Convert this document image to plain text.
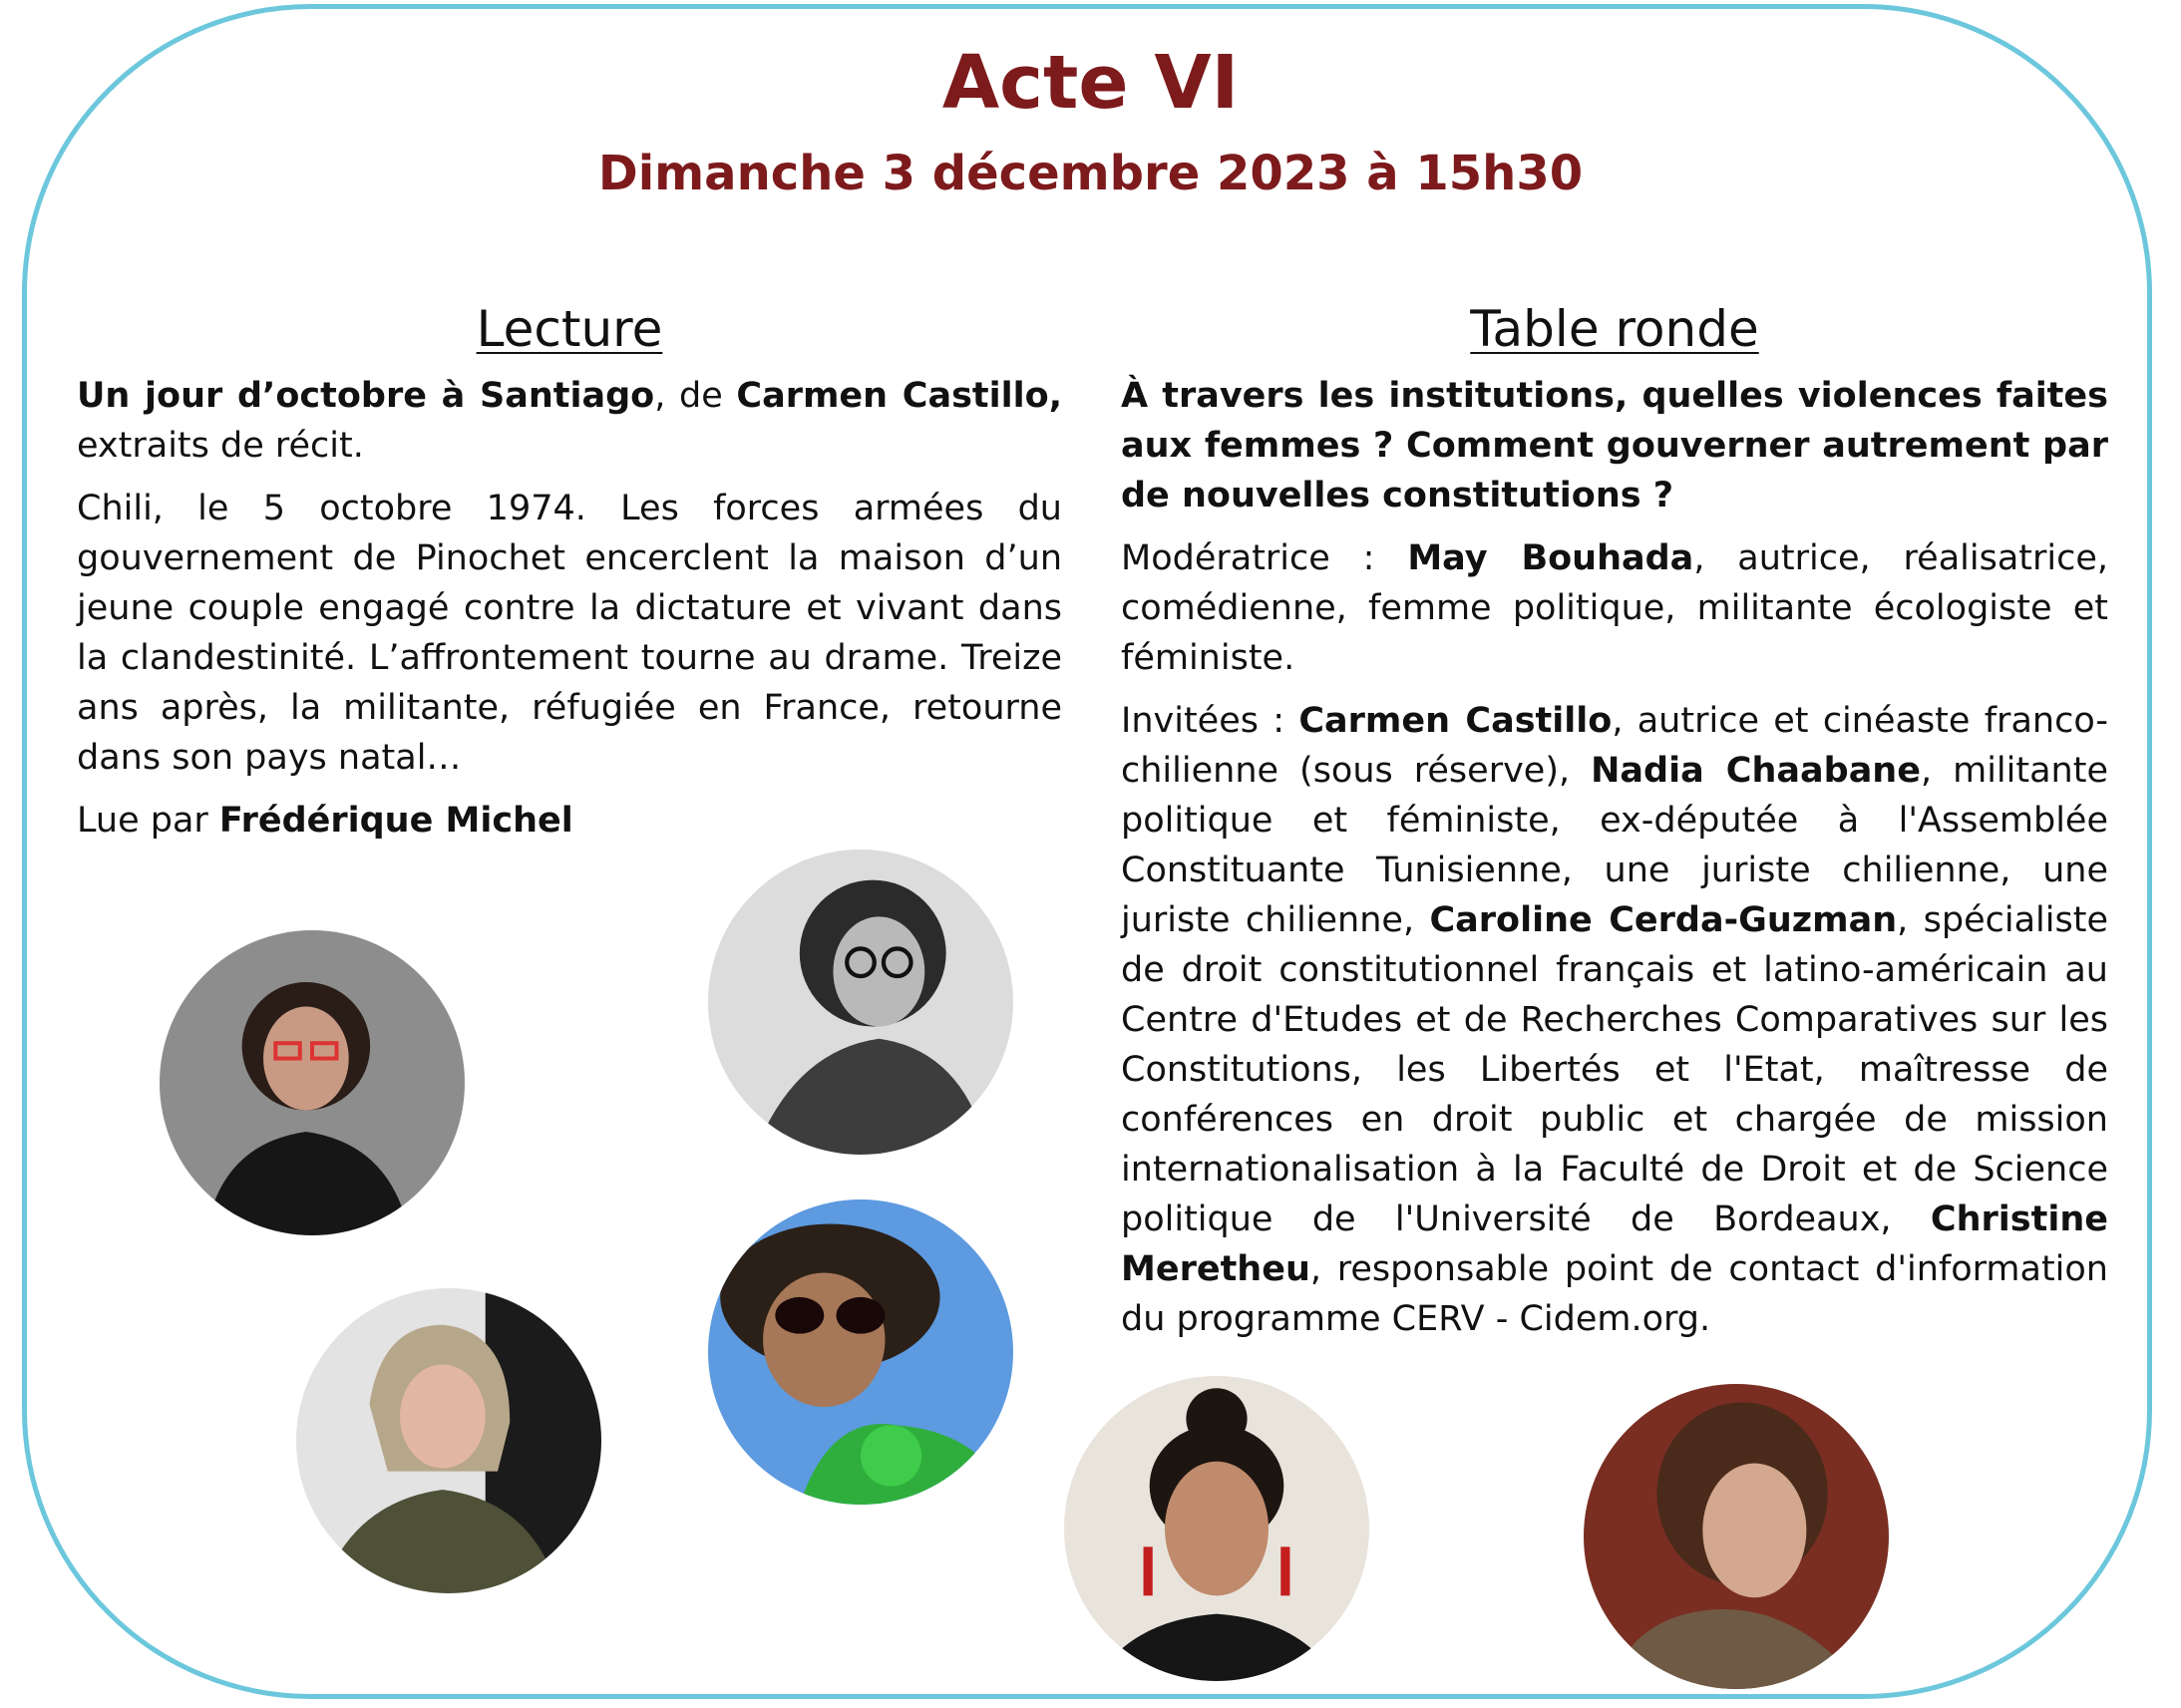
Acte VI
Dimanche 3 décembre 2023 à 15h30
Lecture

Un jour d’octobre à Santiago, de Carmen Castillo, extraits de récit.

Chili, le 5 octobre 1974. Les forces armées du gouvernement de Pinochet encerclent la maison d’un jeune couple engagé contre la dictature et vivant dans la clandestinité. L’affrontement tourne au drame. Treize ans après, la militante, réfugiée en France, retourne dans son pays natal…

Lue par Frédérique Michel

Table ronde

À travers les institutions, quelles violences faites aux femmes ? Comment gouverner autrement par de nouvelles constitutions ?

Modératrice : May Bouhada, autrice, réalisatrice, comédienne, femme politique, militante écologiste et féministe.

Invitées : Carmen Castillo, autrice et cinéaste franco-chilienne (sous réserve), Nadia Chaabane, militante politique et féministe, ex-députée à l'Assemblée Constituante Tunisienne, une juriste chilienne, une juriste chilienne, Caroline Cerda-Guzman, spécialiste de droit constitutionnel français et latino-américain au Centre d'Etudes et de Recherches Comparatives sur les Constitutions, les Libertés et l'Etat, maîtresse de conférences en droit public et chargée de mission internationalisation à la Faculté de Droit et de Science politique de l'Université de Bordeaux, Christine Meretheu, responsable point de contact d'information du programme CERV - Cidem.org.
